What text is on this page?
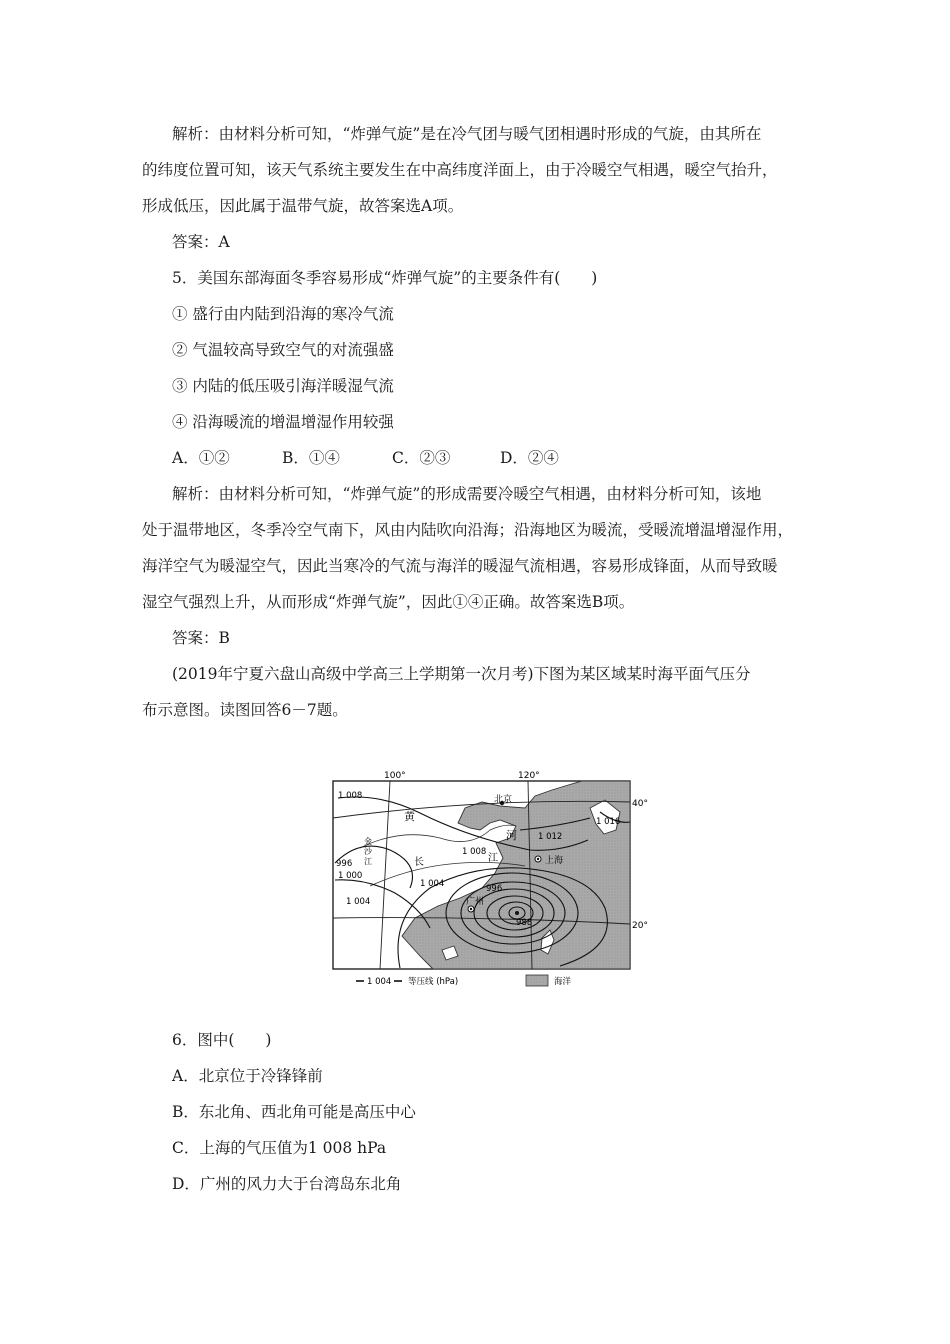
解析：由材料分析可知，“炸弹气旋”是在冷气团与暖气团相遇时形成的气旋，由其所在
的纬度位置可知，该天气系统主要发生在中高纬度洋面上，由于冷暖空气相遇，暖空气抬升，
形成低压，因此属于温带气旋，故答案选A项。
答案：A
5．美国东部海面冬季容易形成“炸弹气旋”的主要条件有(　　)
① 盛行由内陆到沿海的寒冷气流
② 气温较高导致空气的对流强盛
③ 内陆的低压吸引海洋暖湿气流
④ 沿海暖流的增温增湿作用较强
A．①②	B．①④	C．②③	D．②④
解析：由材料分析可知，“炸弹气旋”的形成需要冷暖空气相遇，由材料分析可知，该地
处于温带地区，冬季冷空气南下，风由内陆吹向沿海；沿海地区为暖流，受暖流增温增湿作用，
海洋空气为暖湿空气，因此当寒冷的气流与海洋的暖湿气流相遇，容易形成锋面，从而导致暖
湿空气强烈上升，从而形成“炸弹气旋”，因此①④正确。故答案选B项。
答案：B
(2019年宁夏六盘山高级中学高三上学期第一次月考)下图为某区域某时海平面气压分
布示意图。读图回答6－7题。
100°	120°
40°
20°
1 008
1 008
1 012
1 016
1 004
1 004
1 000
996
996
988
北京
上海
广州
黄
河
长	江
金
沙
江
1 004 等压线 (hPa)	海洋
6．图中(　　)
A．北京位于冷锋锋前
B．东北角、西北角可能是高压中心
C．上海的气压值为1 008 hPa
D．广州的风力大于台湾岛东北角
